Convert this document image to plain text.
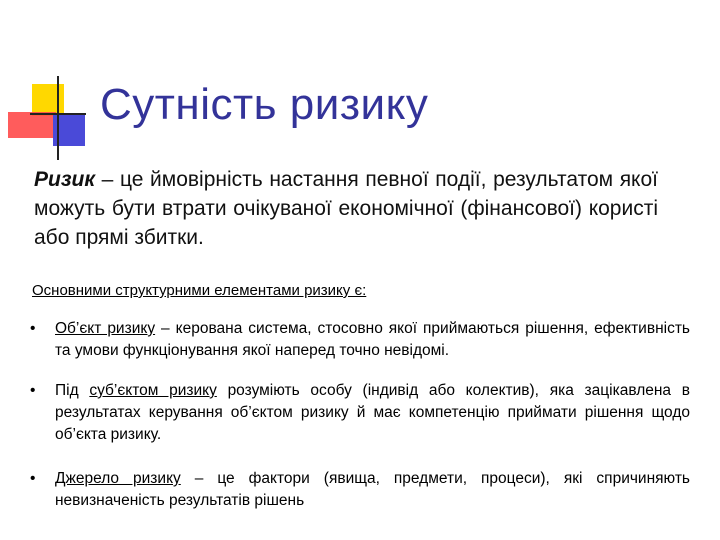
Сутність ризику
Ризик – це ймовірність настання певної події, результатом якої можуть бути втрати очікуваної економічної (фінансової) користі або прямі збитки.
Основними структурними елементами ризику є:
• Об’єкт ризику – керована система, стосовно якої приймаються рішення, ефективність та умови функціонування якої наперед точно невідомі.
• Під суб’єктом ризику розуміють особу (індивід або колектив), яка зацікавлена в результатах керування об’єктом ризику й має компетенцію приймати рішення щодо об’єкта ризику.
• Джерело ризику – це фактори (явища, предмети, процеси), які спричиняють невизначеність результатів рішень
